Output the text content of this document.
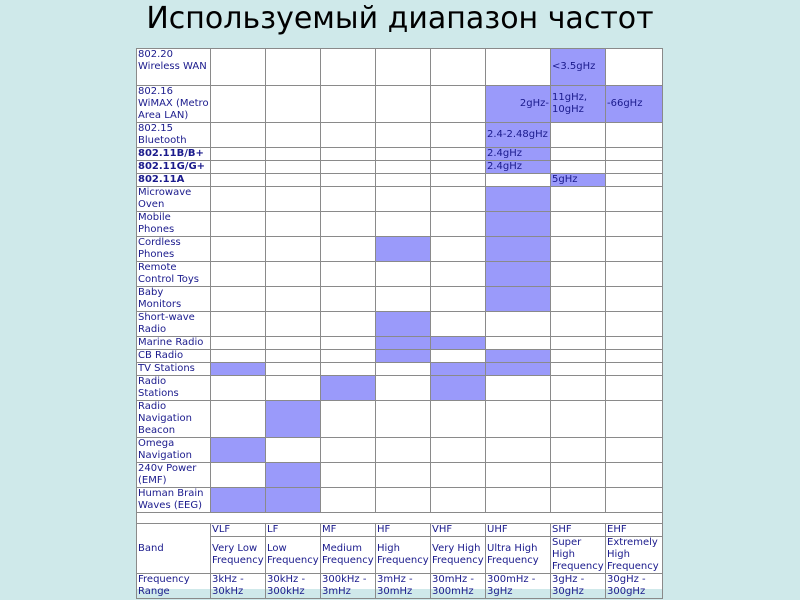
Используемый диапазон частот
802.20 Wireless WAN							<3.5gHz	
802.16 WiMAX (Metro Area LAN)						2gHz-	11gHz, 10gHz	-66gHz
802.15 Bluetooth						2.4-2.48gHz		
802.11B/B+						2.4gHz		
802.11G/G+						2.4gHz		
802.11A							5gHz	
Microwave Oven								
Mobile Phones								
Cordless Phones								
Remote Control Toys								
Baby Monitors								
Short-wave Radio								
Marine Radio								
CB Radio								
TV Stations								
Radio Stations								
Radio Navigation Beacon								
Omega Navigation								
240v Power (EMF)								
Human Brain Waves (EEG)								

Band	VLF	LF	MF	HF	VHF	UHF	SHF	EHF
	Very Low Frequency	Low Frequency	Medium Frequency	High Frequency	Very High Frequency	Ultra High Frequency	Super High Frequency	Extremely High Frequency
Frequency Range	3kHz - 30kHz	30kHz - 300kHz	300kHz - 3mHz	3mHz - 30mHz	30mHz - 300mHz	300mHz - 3gHz	3gHz - 30gHz	30gHz - 300gHz
